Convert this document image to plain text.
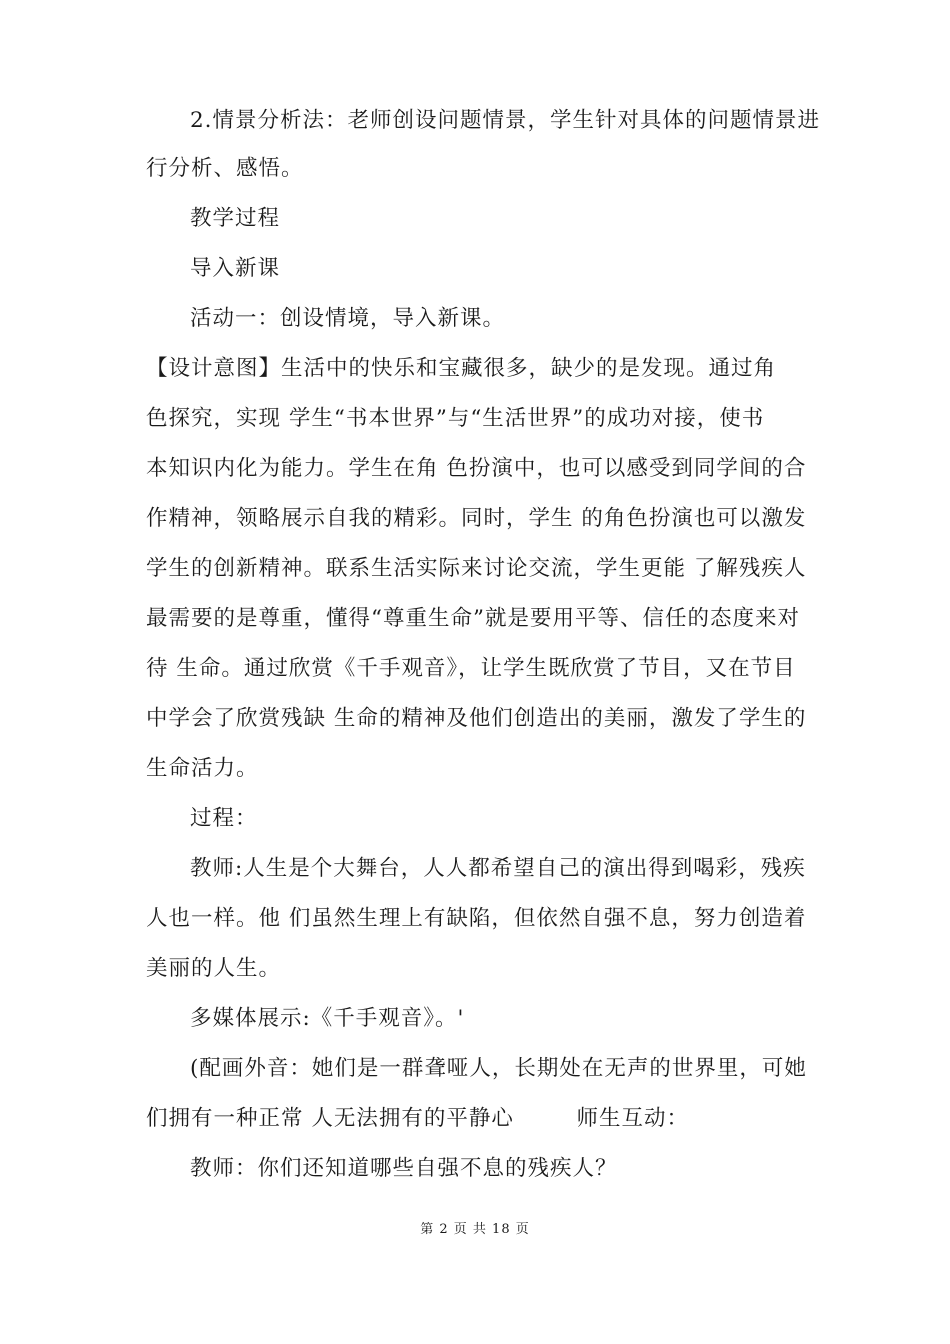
2.情景分析法：老师创设问题情景，学生针对具体的问题情景进
行分析、感悟。
教学过程
导入新课
活动一：创设情境，导入新课。
【设计意图】生活中的快乐和宝藏很多，缺少的是发现。通过角
色探究，实现 学生“书本世界”与“生活世界”的成功对接，使书
本知识内化为能力。学生在角 色扮演中，也可以感受到同学间的合
作精神，领略展示自我的精彩。同时，学生 的角色扮演也可以激发
学生的创新精神。联系生活实际来讨论交流，学生更能 了解残疾人
最需要的是尊重，懂得“尊重生命”就是要用平等、信任的态度来对
待 生命。通过欣赏《千手观音》，让学生既欣赏了节目，又在节目
中学会了欣赏残缺 生命的精神及他们创造出的美丽，激发了学生的
生命活力。
过程：
教师:人生是个大舞台，人人都希望自己的演出得到喝彩，残疾
人也一样。他 们虽然生理上有缺陷，但依然自强不息，努力创造着
美丽的人生。
多媒体展示:《千手观音》。'
(配画外音：她们是一群聋哑人，长期处在无声的世界里，可她
们拥有一种正常 人无法拥有的平静心        师生互动：
教师：你们还知道哪些自强不息的残疾人？
第 2 页 共 18 页
